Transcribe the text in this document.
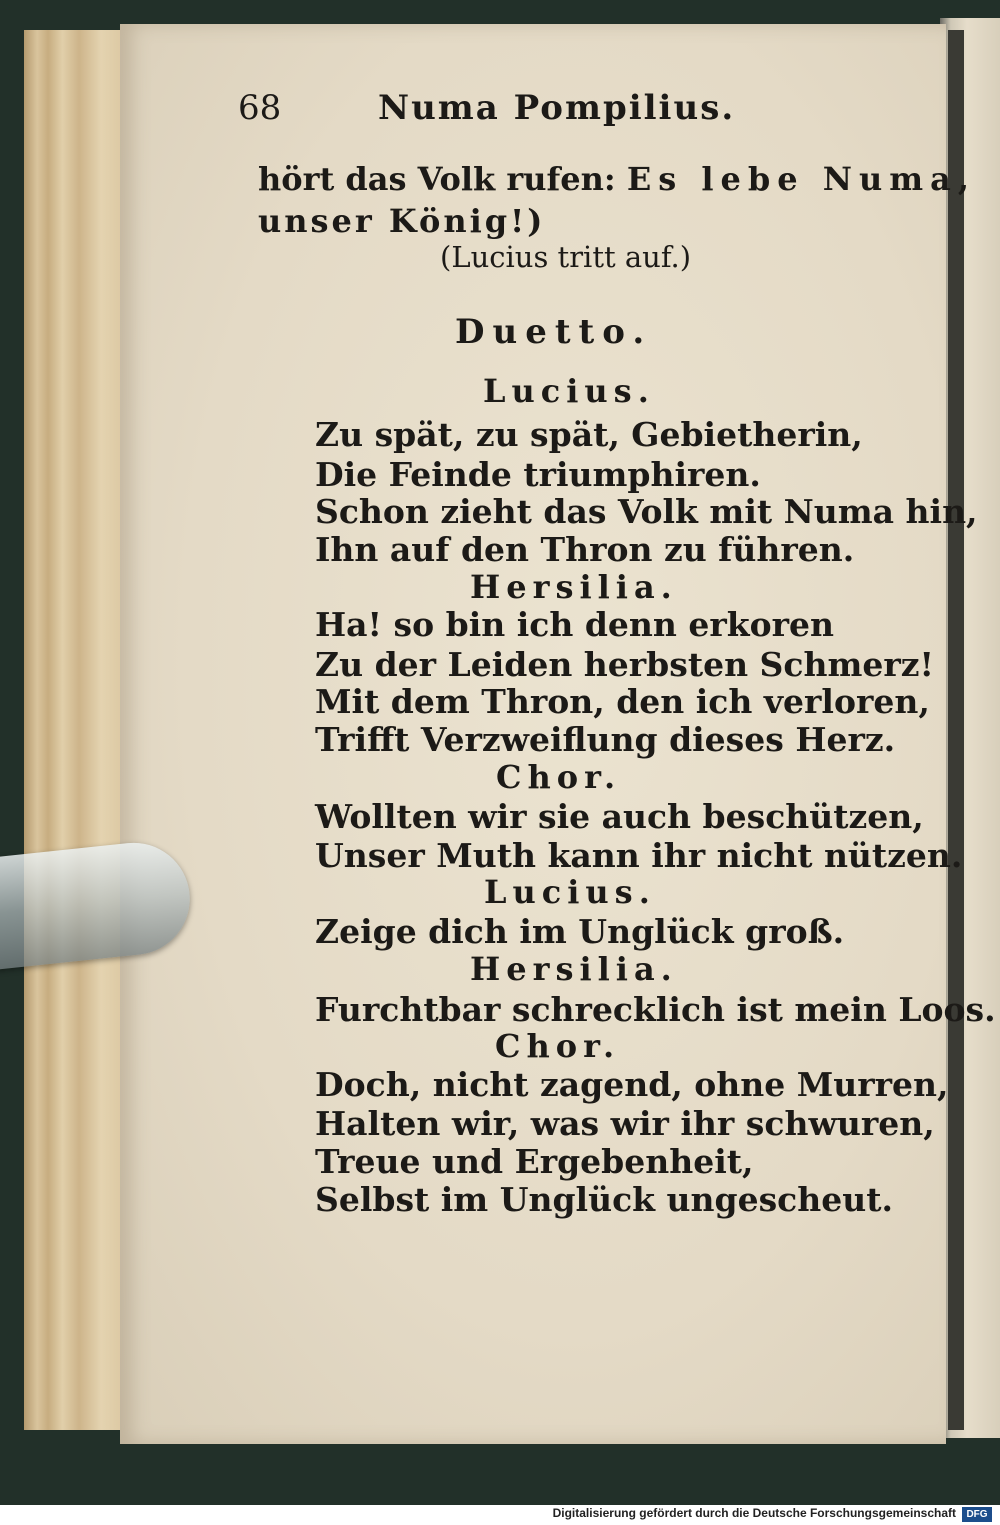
68	Numa Pompilius.
hört das Volk rufen: Es lebe Numa,
unser König!)
(Lucius tritt auf.)
Duetto.
Lucius.
Zu spät, zu spät, Gebietherin,
Die Feinde triumphiren.
Schon zieht das Volk mit Numa hin,
Ihn auf den Thron zu führen.
Hersilia.
Ha! so bin ich denn erkoren
Zu der Leiden herbsten Schmerz!
Mit dem Thron, den ich verloren,
Trifft Verzweiflung dieses Herz.
Chor.
Wollten wir sie auch beschützen,
Unser Muth kann ihr nicht nützen.
Lucius.
Zeige dich im Unglück groß.
Hersilia.
Furchtbar schrecklich ist mein Loos.
Chor.
Doch, nicht zagend, ohne Murren,
Halten wir, was wir ihr schwuren,
Treue und Ergebenheit,
Selbst im Unglück ungescheut.
Digitalisierung gefördert durch die Deutsche Forschungsgemeinschaft	DFG
